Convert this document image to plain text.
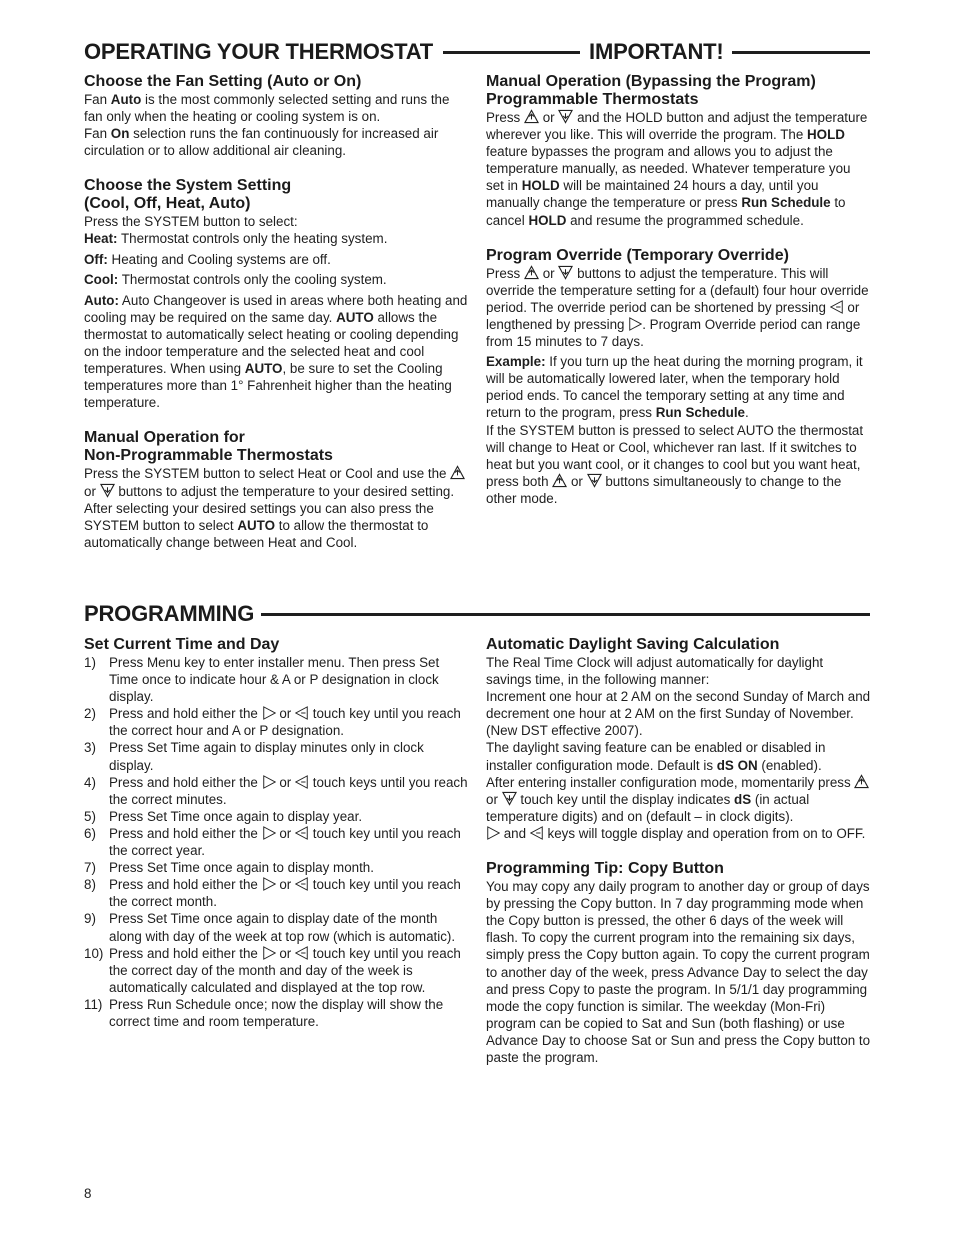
OPERATING YOUR THERMOSTAT	IMPORTANT!
Choose the Fan Setting (Auto or On)

Fan Auto is the most commonly selected setting and runs the fan only when the heating or cooling system is on.

Fan On selection runs the fan continuously for increased air circulation or to allow additional air cleaning.

Choose the System Setting
(Cool, Off, Heat, Auto)

Press the SYSTEM button to select:

Heat: Thermostat controls only the heating system.

Off: Heating and Cooling systems are off.

Cool: Thermostat controls only the cooling system.

Auto: Auto Changeover is used in areas where both heating and cooling may be required on the same day. AUTO allows the thermostat to automatically select heating or cooling depending on the indoor temperature and the selected heat and cool temperatures. When using AUTO, be sure to set the Cooling temperatures more than 1° Fahrenheit higher than the heating temperature.

Manual Operation for
Non-Programmable Thermostats

Press the SYSTEM button to select Heat or Cool and use the  or  buttons to adjust the temperature to your desired setting. After selecting your desired settings you can also press the SYSTEM button to select AUTO to allow the thermostat to automatically change between Heat and Cool.

Manual Operation (Bypassing the Program)
Programmable Thermostats

Press  or  and the HOLD button and adjust the temperature wherever you like. This will override the program. The HOLD feature bypasses the program and allows you to adjust the temperature manually, as needed. Whatever temperature you set in HOLD will be maintained 24 hours a day, until you manually change the temperature or press Run Schedule to cancel HOLD and resume the programmed schedule.

Program Override (Temporary Override)

Press  or  buttons to adjust the temperature. This will override the temperature setting for a (default) four hour override period. The override period can be shortened by pressing  or lengthened by pressing . Program Override period can range from 15 minutes to 7 days.

Example: If you turn up the heat during the morning program, it will be automatically lowered later, when the temporary hold period ends. To cancel the temporary setting at any time and return to the program, press Run Schedule.

If the SYSTEM button is pressed to select AUTO the thermostat will change to Heat or Cool, whichever ran last. If it switches to heat but you want cool, or it changes to cool but you want heat, press both  or  buttons simultaneously to change to the other mode.

PROGRAMMING
Set Current Time and Day
1) Press Menu key to enter installer menu. Then press Set Time once to indicate hour & A or P designation in clock display.
2) Press and hold either the  or  touch key until you reach the correct hour and A or P designation.
3) Press Set Time again to display minutes only in clock display.
4) Press and hold either the  or  touch keys until you reach the correct minutes.
5) Press Set Time once again to display year.
6) Press and hold either the  or  touch key until you reach the correct year.
7) Press Set Time once again to display month.
8) Press and hold either the  or  touch key until you reach the correct month.
9) Press Set Time once again to display date of the month along with day of the week at top row (which is automatic).
10) Press and hold either the  or  touch key until you reach the correct day of the month and day of the week is automatically calculated and displayed at the top row.
11) Press Run Schedule once; now the display will show the correct time and room temperature.
Automatic Daylight Saving Calculation

The Real Time Clock will adjust automatically for daylight savings time, in the following manner:

Increment one hour at 2 AM on the second Sunday of March and decrement one hour at 2 AM on the first Sunday of November. (New DST effective 2007).

The daylight saving feature can be enabled or disabled in installer configuration mode. Default is dS ON (enabled).

After entering installer configuration mode, momentarily press  or  touch key until the display indicates dS (in actual temperature digits) and on (default – in clock digits).

and  keys will toggle display and operation from on to OFF.

Programming Tip: Copy Button

You may copy any daily program to another day or group of days by pressing the Copy button. In 7 day programming mode when the Copy button is pressed, the other 6 days of the week will flash. To copy the current program into the remaining six days, simply press the Copy button again. To copy the current program to another day of the week, press Advance Day to select the day and press Copy to paste the program. In 5/1/1 day programming mode the copy function is similar. The weekday (Mon-Fri) program can be copied to Sat and Sun (both flashing) or use Advance Day to choose Sat or Sun and press the Copy button to paste the program.

8
